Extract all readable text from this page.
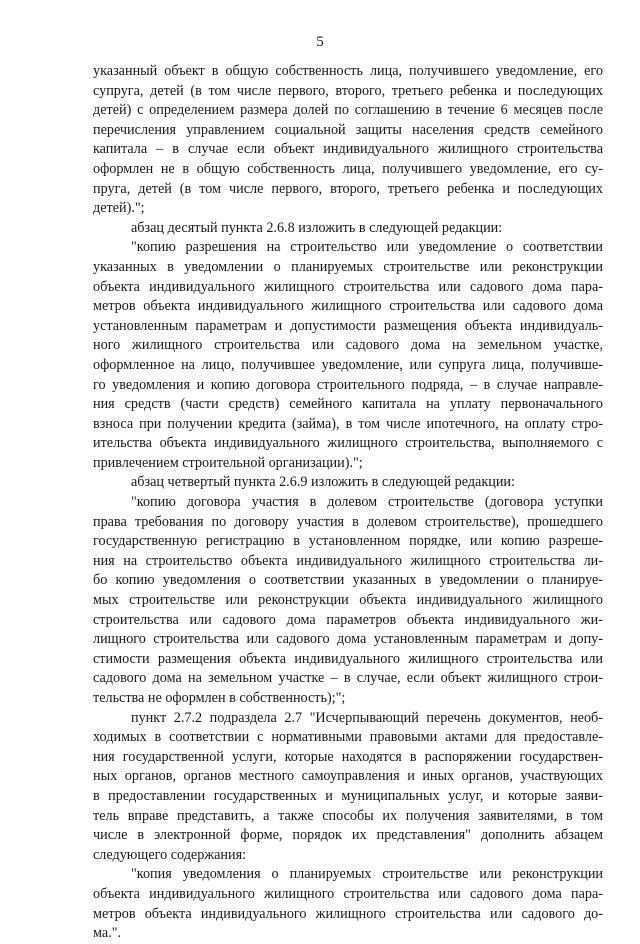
5
указанный объект в общую собственность лица, получившего уведомление, его
супруга, детей (в том числе первого, второго, третьего ребенка и последующих
детей) с определением размера долей по соглашению в течение 6 месяцев после
перечисления управлением социальной защиты населения средств семейного
капитала – в случае если объект индивидуального жилищного строительства
оформлен не в общую собственность лица, получившего уведомление, его су-
пруга, детей (в том числе первого, второго, третьего ребенка и последующих
детей).";
абзац десятый пункта 2.6.8 изложить в следующей редакции:
"копию разрешения на строительство или уведомление о соответствии
указанных в уведомлении о планируемых строительстве или реконструкции
объекта индивидуального жилищного строительства или садового дома пара-
метров объекта индивидуального жилищного строительства или садового дома
установленным параметрам и допустимости размещения объекта индивидуаль-
ного жилищного строительства или садового дома на земельном участке,
оформленное на лицо, получившее уведомление, или супруга лица, получивше-
го уведомления и копию договора строительного подряда, – в случае направле-
ния средств (части средств) семейного капитала на уплату первоначального
взноса при получении кредита (займа), в том числе ипотечного, на оплату стро-
ительства объекта индивидуального жилищного строительства, выполняемого с
привлечением строительной организации).";
абзац четвертый пункта 2.6.9 изложить в следующей редакции:
"копию договора участия в долевом строительстве (договора уступки
права требования по договору участия в долевом строительстве), прошедшего
государственную регистрацию в установленном порядке, или копию разреше-
ния на строительство объекта индивидуального жилищного строительства ли-
бо копию уведомления о соответствии указанных в уведомлении о планируе-
мых строительстве или реконструкции объекта индивидуального жилищного
строительства или садового дома параметров объекта индивидуального жи-
лищного строительства или садового дома установленным параметрам и допу-
стимости размещения объекта индивидуального жилищного строительства или
садового дома на земельном участке – в случае, если объект жилищного строи-
тельства не оформлен в собственность);";
пункт 2.7.2 подраздела 2.7 "Исчерпывающий перечень документов, необ-
ходимых в соответствии с нормативными правовыми актами для предоставле-
ния государственной услуги, которые находятся в распоряжении государствен-
ных органов, органов местного самоуправления и иных органов, участвующих
в предоставлении государственных и муниципальных услуг, и которые заяви-
тель вправе представить, а также способы их получения заявителями, в том
числе в электронной форме, порядок их представления" дополнить абзацем
следующего содержания:
"копия уведомления о планируемых строительстве или реконструкции
объекта индивидуального жилищного строительства или садового дома пара-
метров объекта индивидуального жилищного строительства или садового до-
ма.".
